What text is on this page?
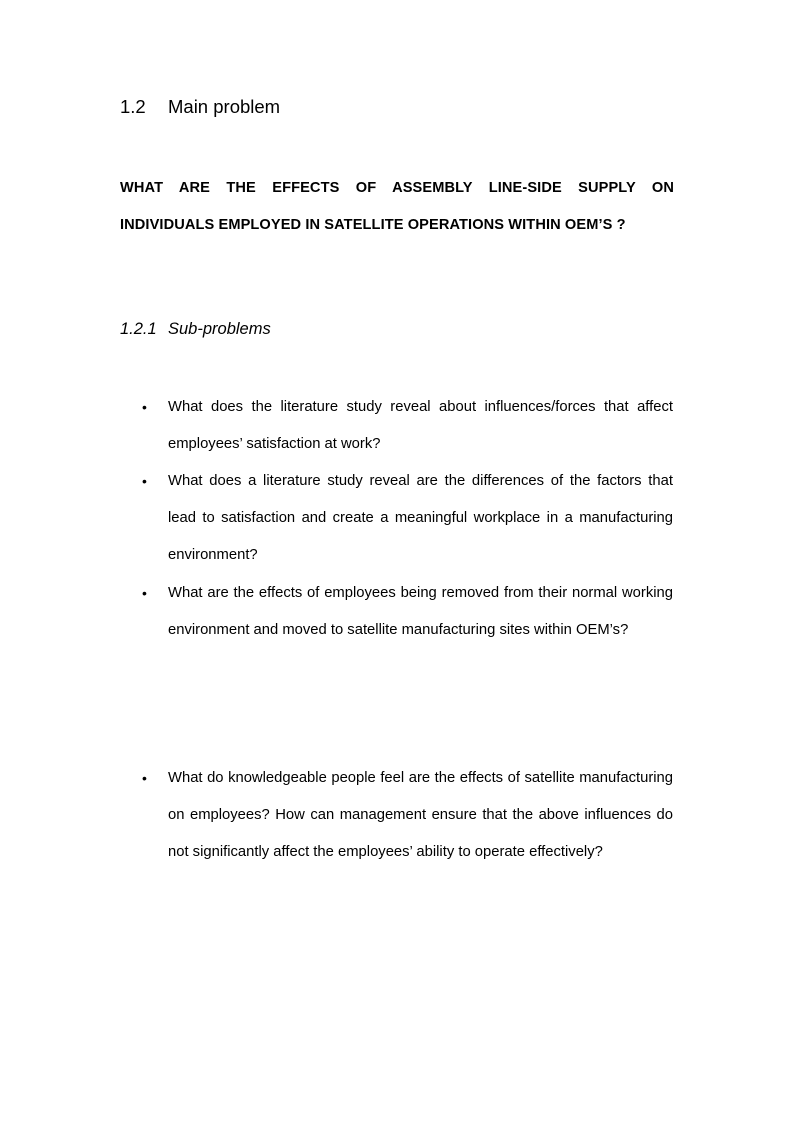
1.2 Main problem
WHAT ARE THE EFFECTS OF ASSEMBLY LINE-SIDE SUPPLY ON
INDIVIDUALS EMPLOYED IN SATELLITE OPERATIONS WITHIN OEM’S ?
1.2.1 Sub-problems
• What does the literature study reveal about influences/forces that affect employees’ satisfaction at work?
• What does a literature study reveal are the differences of the factors that lead to satisfaction and create a meaningful workplace in a manufacturing environment?
• What are the effects of employees being removed from their normal working environment and moved to satellite manufacturing sites within OEM’s?
• What do knowledgeable people feel are the effects of satellite manufacturing on employees? How can management ensure that the above influences do not significantly affect the employees’ ability to operate effectively?
